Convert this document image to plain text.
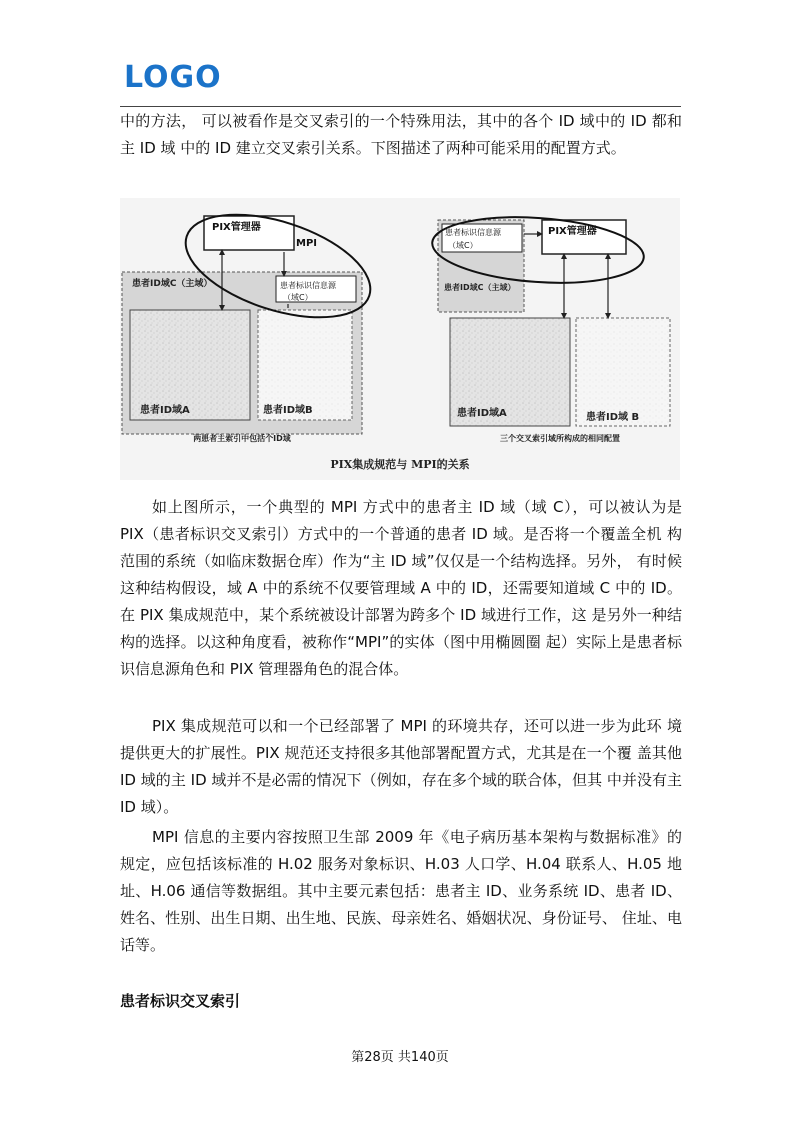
LOGO

中的方法， 可以被看作是交叉索引的一个特殊用法，其中的各个 ID 域中的 ID 都和主 ID 域 中的 ID 建立交叉索引关系。下图描述了两种可能采用的配置方式。

患者ID域C（主域）
患者ID域A	患者ID域B
PIX管理器
MPI
患者标识信息源
（域C）
两患者主索引中包括个ID域
患者标识信息源
（域C）
患者ID域C（主域）
PIX管理器
患者ID域A	患者ID域 B
三个交叉索引域所构成的相同配置
PIX集成规范与 MPI的关系

如上图所示，一个典型的 MPI 方式中的患者主 ID 域（域 C），可以被认为是 PIX（患者标识交叉索引）方式中的一个普通的患者 ID 域。是否将一个覆盖全机 构范围的系统（如临床数据仓库）作为“主 ID 域”仅仅是一个结构选择。另外， 有时候这种结构假设，域 A 中的系统不仅要管理域 A 中的 ID，还需要知道域 C 中的 ID。在 PIX 集成规范中，某个系统被设计部署为跨多个 ID 域进行工作，这 是另外一种结构的选择。以这种角度看，被称作“MPI”的实体（图中用椭圆圈 起）实际上是患者标识信息源角色和 PIX 管理器角色的混合体。

PIX 集成规范可以和一个已经部署了 MPI 的环境共存，还可以进一步为此环 境提供更大的扩展性。PIX 规范还支持很多其他部署配置方式，尤其是在一个覆 盖其他 ID 域的主 ID 域并不是必需的情况下（例如，存在多个域的联合体，但其 中并没有主 ID 域）。

MPI 信息的主要内容按照卫生部 2009 年《电子病历基本架构与数据标准》的 规定，应包括该标准的 H.02 服务对象标识、H.03 人口学、H.04 联系人、H.05 地址、H.06 通信等数据组。其中主要元素包括：患者主 ID、业务系统 ID、患者 ID、姓名、性别、出生日期、出生地、民族、母亲姓名、婚姻状况、身份证号、 住址、电话等。

患者标识交叉索引
第28页 共140页
